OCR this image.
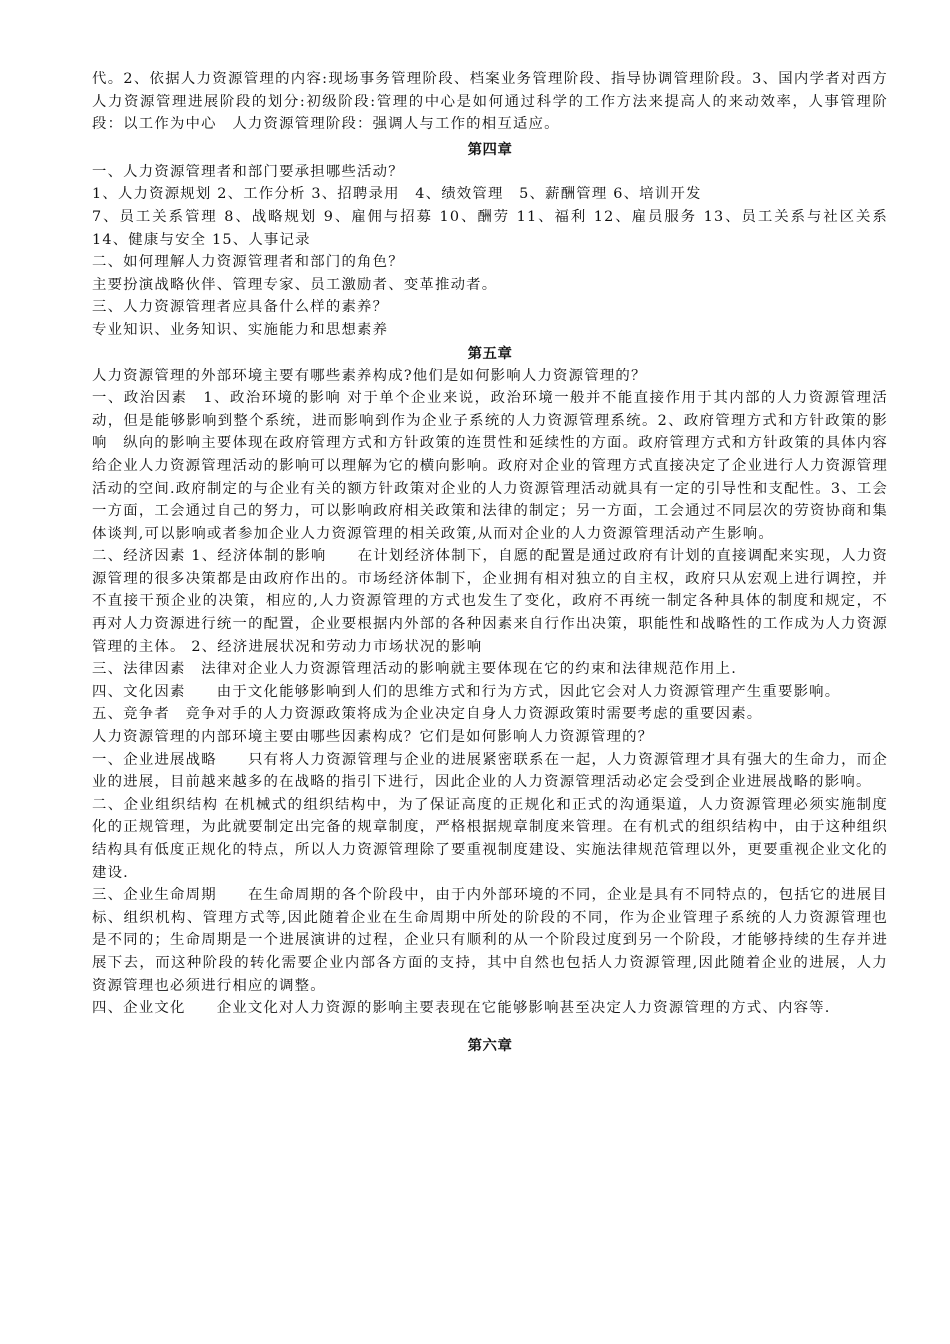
代。2、依据人力资源管理的内容:现场事务管理阶段、档案业务管理阶段、指导协调管理阶段。3、国内学者对西方人力资源管理进展阶段的划分:初级阶段:管理的中心是如何通过科学的工作方法来提高人的来动效率，人事管理阶段：以工作为中心　人力资源管理阶段：强调人与工作的相互适应。

第四章

一、人力资源管理者和部门要承担哪些活动？

1、人力资源规划 2、工作分析 3、招聘录用　4、绩效管理　5、薪酬管理 6、培训开发

7、员工关系管理 8、战略规划 9、雇佣与招募 10、酬劳 11、福利 12、雇员服务 13、员工关系与社区关系 14、健康与安全 15、人事记录

二、如何理解人力资源管理者和部门的角色？

主要扮演战略伙伴、管理专家、员工激励者、变革推动者。

三、人力资源管理者应具备什么样的素养？

专业知识、业务知识、实施能力和思想素养

第五章

人力资源管理的外部环境主要有哪些素养构成?他们是如何影响人力资源管理的？

一、政治因素　1、政治环境的影响 对于单个企业来说，政治环境一般并不能直接作用于其内部的人力资源管理活动，但是能够影响到整个系统，进而影响到作为企业子系统的人力资源管理系统。2、政府管理方式和方针政策的影响　纵向的影响主要体现在政府管理方式和方针政策的连贯性和延续性的方面。政府管理方式和方针政策的具体内容给企业人力资源管理活动的影响可以理解为它的横向影响。政府对企业的管理方式直接决定了企业进行人力资源管理活动的空间.政府制定的与企业有关的额方针政策对企业的人力资源管理活动就具有一定的引导性和支配性。3、工会 一方面，工会通过自己的努力，可以影响政府相关政策和法律的制定；另一方面，工会通过不同层次的劳资协商和集体谈判,可以影响或者参加企业人力资源管理的相关政策,从而对企业的人力资源管理活动产生影响。

二、经济因素 1、经济体制的影响　　在计划经济体制下，自愿的配置是通过政府有计划的直接调配来实现，人力资源管理的很多决策都是由政府作出的。市场经济体制下，企业拥有相对独立的自主权，政府只从宏观上进行调控，并不直接干预企业的决策，相应的,人力资源管理的方式也发生了变化，政府不再统一制定各种具体的制度和规定，不再对人力资源进行统一的配置，企业要根据内外部的各种因素来自行作出决策，职能性和战略性的工作成为人力资源管理的主体。 2、经济进展状况和劳动力市场状况的影响

三、法律因素　法律对企业人力资源管理活动的影响就主要体现在它的约束和法律规范作用上.

四、文化因素　　由于文化能够影响到人们的思维方式和行为方式，因此它会对人力资源管理产生重要影响。

五、竞争者　竞争对手的人力资源政策将成为企业决定自身人力资源政策时需要考虑的重要因素。

人力资源管理的内部环境主要由哪些因素构成？它们是如何影响人力资源管理的？

一、企业进展战略　　只有将人力资源管理与企业的进展紧密联系在一起，人力资源管理才具有强大的生命力，而企业的进展，目前越来越多的在战略的指引下进行，因此企业的人力资源管理活动必定会受到企业进展战略的影响。

二、企业组织结构 在机械式的组织结构中，为了保证高度的正规化和正式的沟通渠道，人力资源管理必须实施制度化的正规管理，为此就要制定出完备的规章制度，严格根据规章制度来管理。在有机式的组织结构中，由于这种组织结构具有低度正规化的特点，所以人力资源管理除了要重视制度建设、实施法律规范管理以外，更要重视企业文化的建设.

三、企业生命周期　　在生命周期的各个阶段中，由于内外部环境的不同，企业是具有不同特点的，包括它的进展目标、组织机构、管理方式等,因此随着企业在生命周期中所处的阶段的不同，作为企业管理子系统的人力资源管理也是不同的；生命周期是一个进展演讲的过程，企业只有顺利的从一个阶段过度到另一个阶段，才能够持续的生存并进展下去，而这种阶段的转化需要企业内部各方面的支持，其中自然也包括人力资源管理,因此随着企业的进展，人力资源管理也必须进行相应的调整。

四、企业文化　　企业文化对人力资源的影响主要表现在它能够影响甚至决定人力资源管理的方式、内容等.

第六章
